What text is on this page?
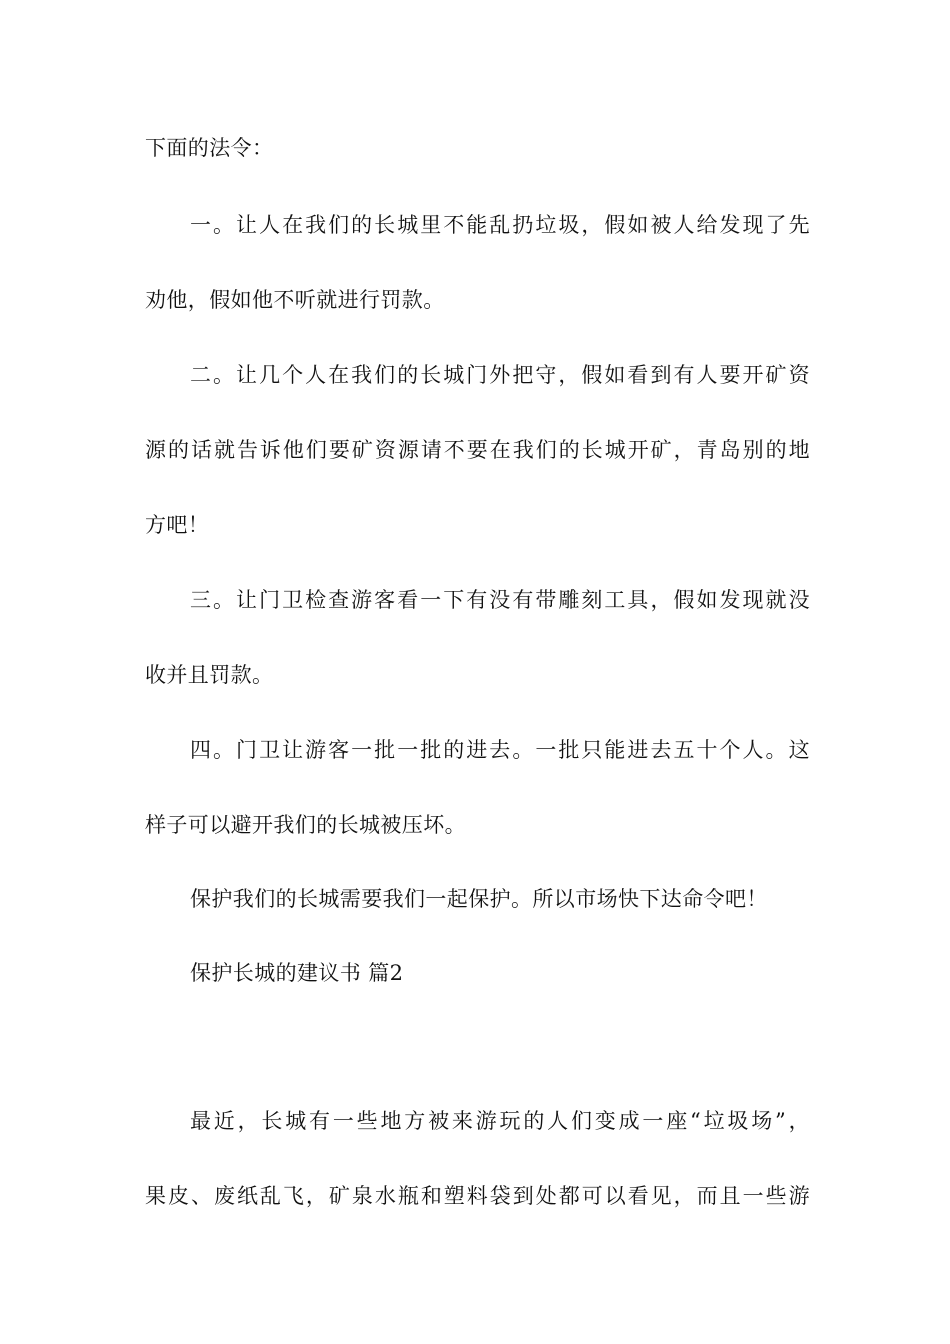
下面的法令：
一。让人在我们的长城里不能乱扔垃圾，假如被人给发现了先
劝他，假如他不听就进行罚款。
二。让几个人在我们的长城门外把守，假如看到有人要开矿资
源的话就告诉他们要矿资源请不要在我们的长城开矿，青岛别的地
方吧！
三。让门卫检查游客看一下有没有带雕刻工具，假如发现就没
收并且罚款。
四。门卫让游客一批一批的进去。一批只能进去五十个人。这
样子可以避开我们的长城被压坏。
保护我们的长城需要我们一起保护。所以市场快下达命令吧！
保护长城的建议书 篇2
最近，长城有一些地方被来游玩的人们变成一座“垃圾场”，
果皮、废纸乱飞，矿泉水瓶和塑料袋到处都可以看见，而且一些游
